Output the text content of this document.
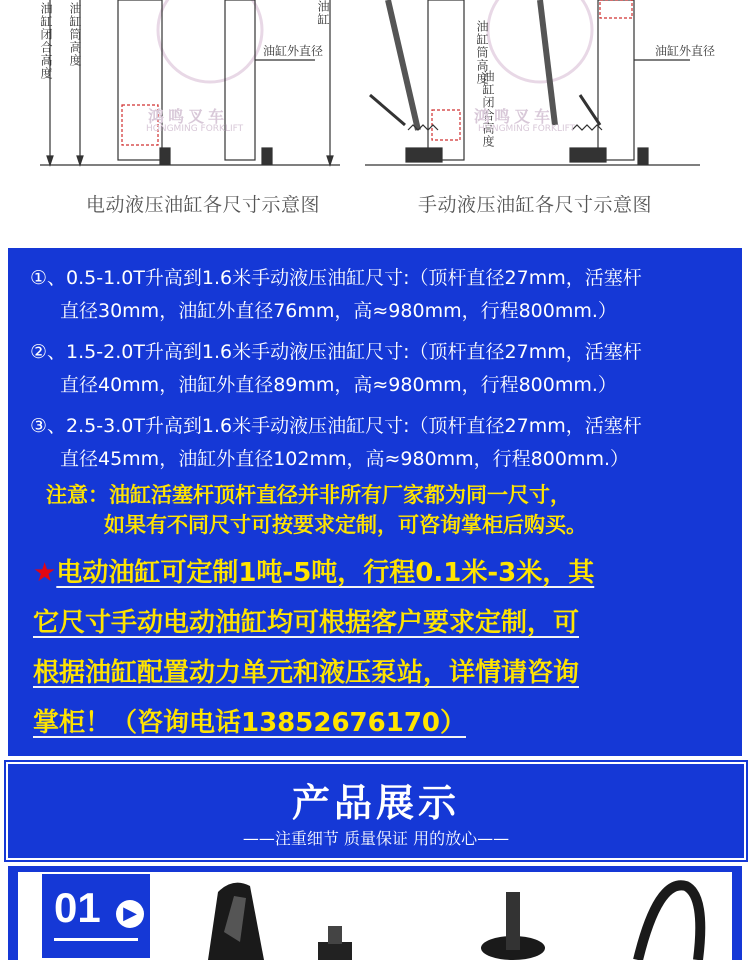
油缸闭合高度 油缸筒高度	油缸
油缸外直径	油缸筒高度
油缸闭合高度
油缸外直径
鸿鸣叉车
HONGMING FORKLIFT
鸿鸣叉车
HONGMING FORKLIFT
电动液压油缸各尺寸示意图	手动液压油缸各尺寸示意图
①、0.5-1.0T升高到1.6米手动液压油缸尺寸:（顶杆直径27mm，活塞杆
直径30mm，油缸外直径76mm，高≈980mm，行程800mm.）
②、1.5-2.0T升高到1.6米手动液压油缸尺寸:（顶杆直径27mm，活塞杆
直径40mm，油缸外直径89mm，高≈980mm，行程800mm.）
③、2.5-3.0T升高到1.6米手动液压油缸尺寸:（顶杆直径27mm，活塞杆
直径45mm，油缸外直径102mm，高≈980mm，行程800mm.）
注意：油缸活塞杆顶杆直径并非所有厂家都为同一尺寸，
如果有不同尺寸可按要求定制，可咨询掌柜后购买。
★电动油缸可定制1吨-5吨，行程0.1米-3米，其
它尺寸手动电动油缸均可根据客户要求定制，可
根据油缸配置动力单元和液压泵站，详情请咨询
掌柜！（咨询电话13852676170）
产品展示
——注重细节 质量保证 用的放心——
01	▶
